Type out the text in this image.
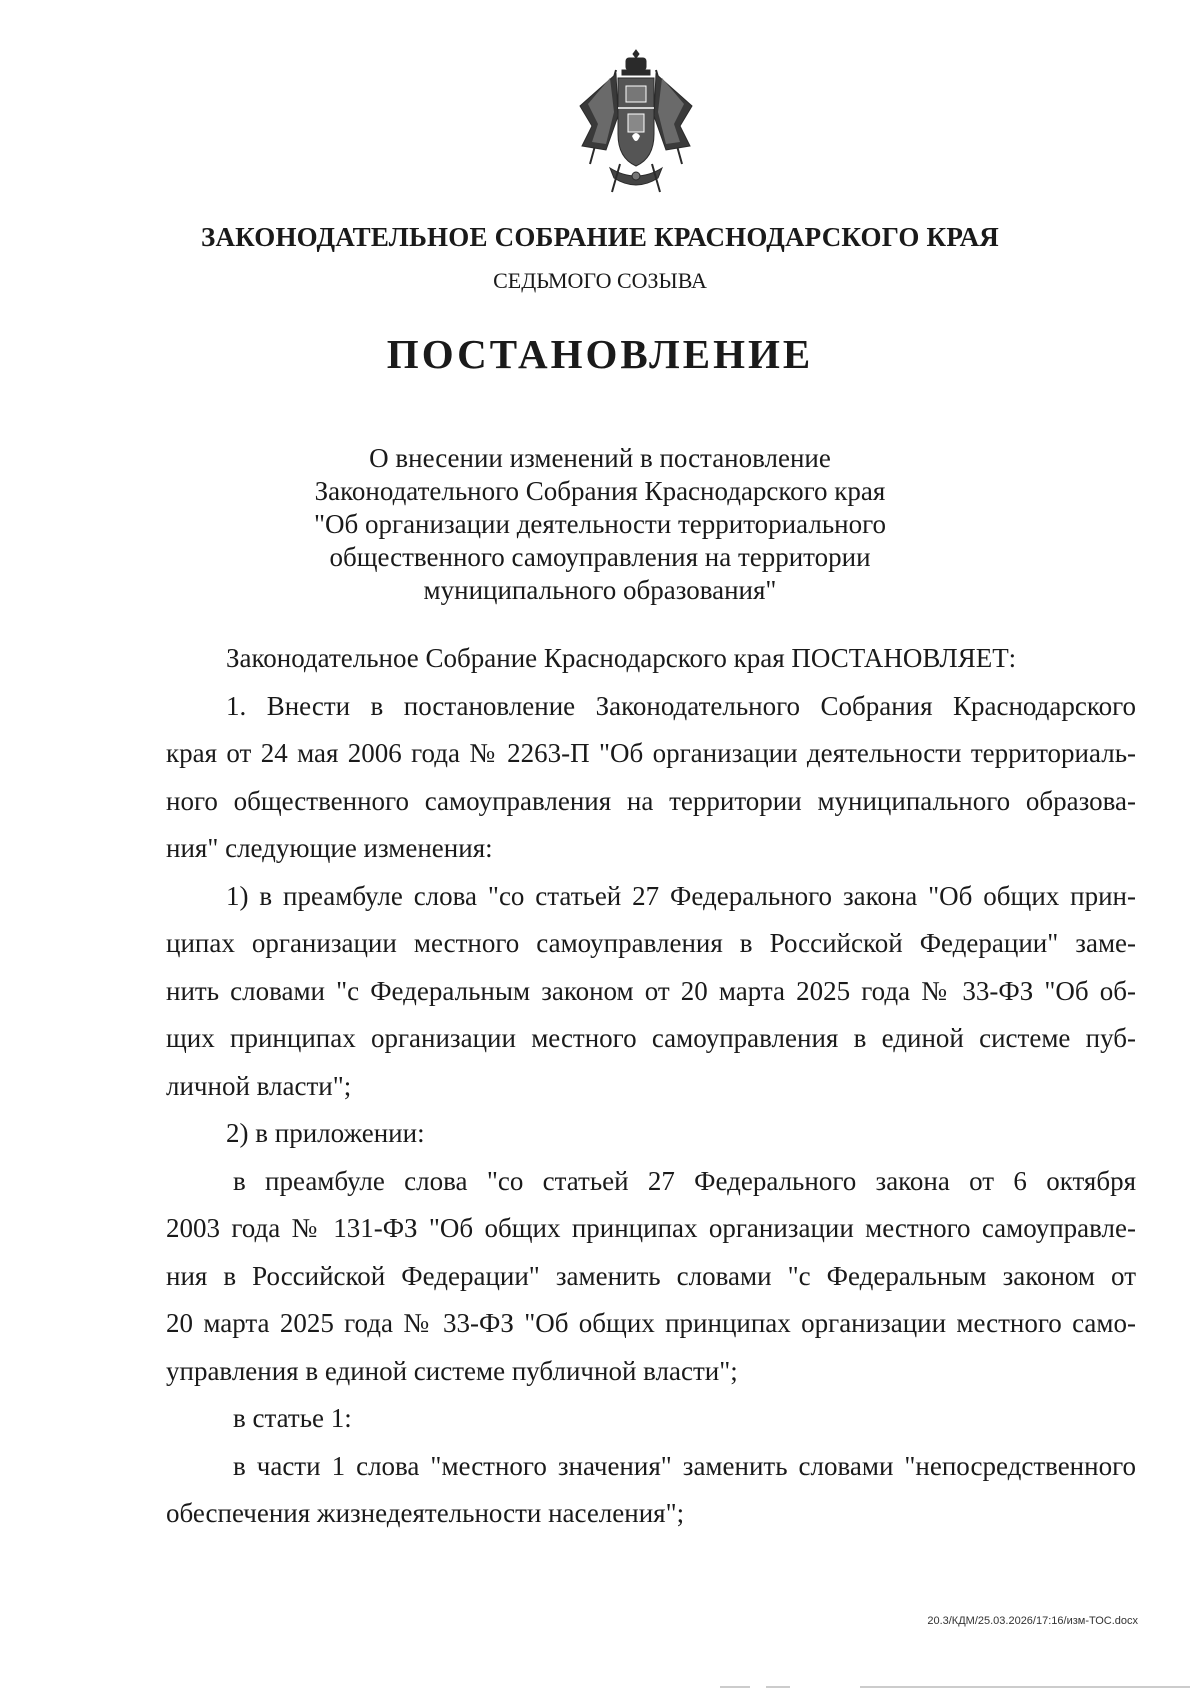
ЗАКОНОДАТЕЛЬНОЕ СОБРАНИЕ КРАСНОДАРСКОГО КРАЯ
СЕДЬМОГО СОЗЫВА
ПОСТАНОВЛЕНИЕ
О внесении изменений в постановление
Законодательного Собрания Краснодарского края
"Об организации деятельности территориального
общественного самоуправления на территории
муниципального образования"
Законодательное Собрание Краснодарского края ПОСТАНОВЛЯЕТ:
1. Внести в постановление Законодательного Собрания Краснодарского
края от 24 мая 2006 года № 2263-П "Об организации деятельности территориаль-
ного общественного самоуправления на территории муниципального образова-
ния" следующие изменения:
1) в преамбуле слова "со статьей 27 Федерального закона "Об общих прин-
ципах организации местного самоуправления в Российской Федерации" заме-
нить словами "с Федеральным законом от 20 марта 2025 года № 33-ФЗ "Об об-
щих принципах организации местного самоуправления в единой системе пуб-
личной власти";
2) в приложении:
в преамбуле слова "со статьей 27 Федерального закона от 6 октября
2003 года № 131-ФЗ "Об общих принципах организации местного самоуправле-
ния в Российской Федерации" заменить словами "с Федеральным законом от
20 марта 2025 года № 33-ФЗ "Об общих принципах организации местного само-
управления в единой системе публичной власти";
в статье 1:
в части 1 слова "местного значения" заменить словами "непосредственного
обеспечения жизнедеятельности населения";
20.3/КДМ/25.03.2026/17:16/изм-ТОС.docx
